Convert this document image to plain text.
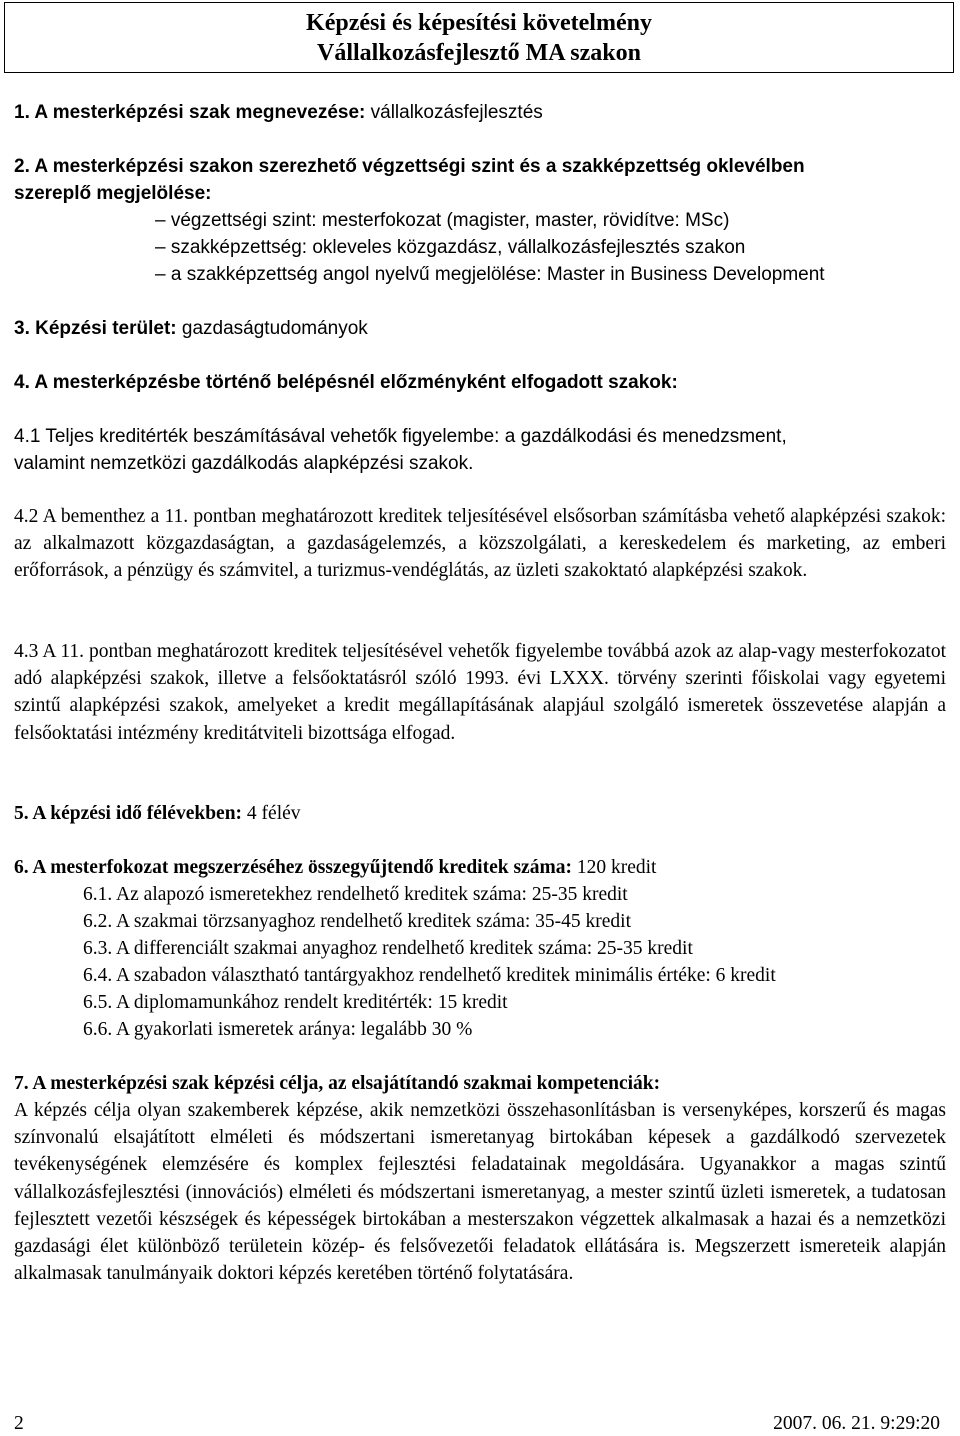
Képzési és képesítési követelmény
Vállalkozásfejlesztő MA szakon
1. A mesterképzési szak megnevezése: vállalkozásfejlesztés
2. A mesterképzési szakon szerezhető végzettségi szint és a szakképzettség oklevélben
szereplő megjelölése:
– végzettségi szint: mesterfokozat (magister, master, rövidítve: MSc)
– szakképzettség: okleveles közgazdász, vállalkozásfejlesztés szakon
– a szakképzettség angol nyelvű megjelölése: Master in Business Development
3. Képzési terület: gazdaságtudományok
4. A mesterképzésbe történő belépésnél előzményként elfogadott szakok:
4.1 Teljes kreditérték beszámításával vehetők figyelembe: a gazdálkodási és menedzsment,
valamint nemzetközi gazdálkodás alapképzési szakok.
4.2 A bementhez a 11. pontban meghatározott kreditek teljesítésével elsősorban számításba vehető alapképzési szakok: az alkalmazott közgazdaságtan, a gazdaságelemzés, a közszolgálati, a kereskedelem és marketing, az emberi erőforrások, a pénzügy és számvitel, a turizmus-vendéglátás, az üzleti szakoktató alapképzési szakok.
4.3 A 11. pontban meghatározott kreditek teljesítésével vehetők figyelembe továbbá azok az alap-vagy mesterfokozatot adó alapképzési szakok, illetve a felsőoktatásról szóló 1993. évi LXXX. törvény szerinti főiskolai vagy egyetemi szintű alapképzési szakok, amelyeket a kredit megállapításának alapjául szolgáló ismeretek összevetése alapján a felsőoktatási intézmény kreditátviteli bizottsága elfogad.
5. A képzési idő félévekben: 4 félév
6. A mesterfokozat megszerzéséhez összegyűjtendő kreditek száma: 120 kredit
6.1. Az alapozó ismeretekhez rendelhető kreditek száma: 25-35 kredit
6.2. A szakmai törzsanyaghoz rendelhető kreditek száma: 35-45 kredit
6.3. A differenciált szakmai anyaghoz rendelhető kreditek száma: 25-35 kredit
6.4. A szabadon választható tantárgyakhoz rendelhető kreditek minimális értéke: 6 kredit
6.5. A diplomamunkához rendelt kreditérték: 15 kredit
6.6. A gyakorlati ismeretek aránya: legalább 30 %
7. A mesterképzési szak képzési célja, az elsajátítandó szakmai kompetenciák:
A képzés célja olyan szakemberek képzése, akik nemzetközi összehasonlításban is versenyképes, korszerű és magas színvonalú elsajátított elméleti és módszertani ismeretanyag birtokában képesek a gazdálkodó szervezetek tevékenységének elemzésére és komplex fejlesztési feladatainak megoldására. Ugyanakkor a magas szintű vállalkozásfejlesztési (innovációs) elméleti és módszertani ismeretanyag, a mester szintű üzleti ismeretek, a tudatosan fejlesztett vezetői készségek és képességek birtokában a mesterszakon végzettek alkalmasak a hazai és a nemzetközi gazdasági élet különböző területein közép- és felsővezetői feladatok ellátására is. Megszerzett ismereteik alapján alkalmasak tanulmányaik doktori képzés keretében történő folytatására.
2	2007. 06. 21. 9:29:20
